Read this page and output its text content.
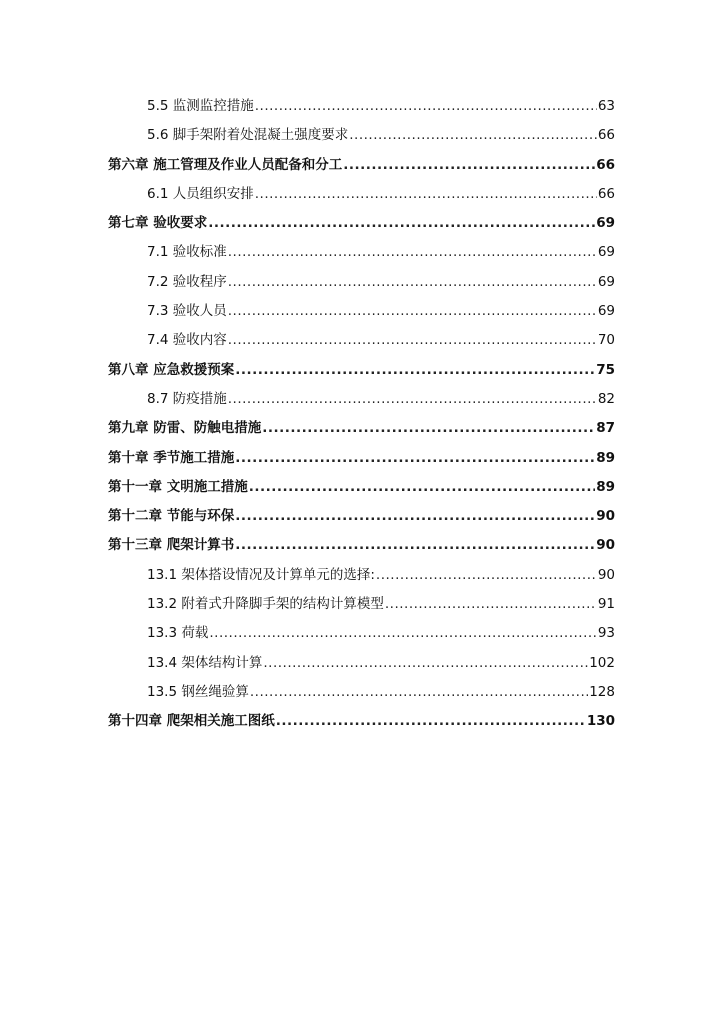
5.5 监测监控措施 .....	63
5.6 脚手架附着处混凝土强度要求 .....	66
第六章 施工管理及作业人员配备和分工 .....	66
6.1 人员组织安排 .....	66
第七章 验收要求 .....	69
7.1 验收标准 .....	69
7.2 验收程序 .....	69
7.3 验收人员 .....	69
7.4 验收内容 .....	70
第八章 应急救援预案 .....	75
8.7 防疫措施 .....	82
第九章 防雷、防触电措施 .....	87
第十章 季节施工措施 .....	89
第十一章 文明施工措施 .....	89
第十二章 节能与环保 .....	90
第十三章 爬架计算书 .....	90
13.1 架体搭设情况及计算单元的选择: .....	90
13.2 附着式升降脚手架的结构计算模型 .....	91
13.3 荷载 .....	93
13.4 架体结构计算 .....	102
13.5 钢丝绳验算 .....	128
第十四章 爬架相关施工图纸 .....	130
